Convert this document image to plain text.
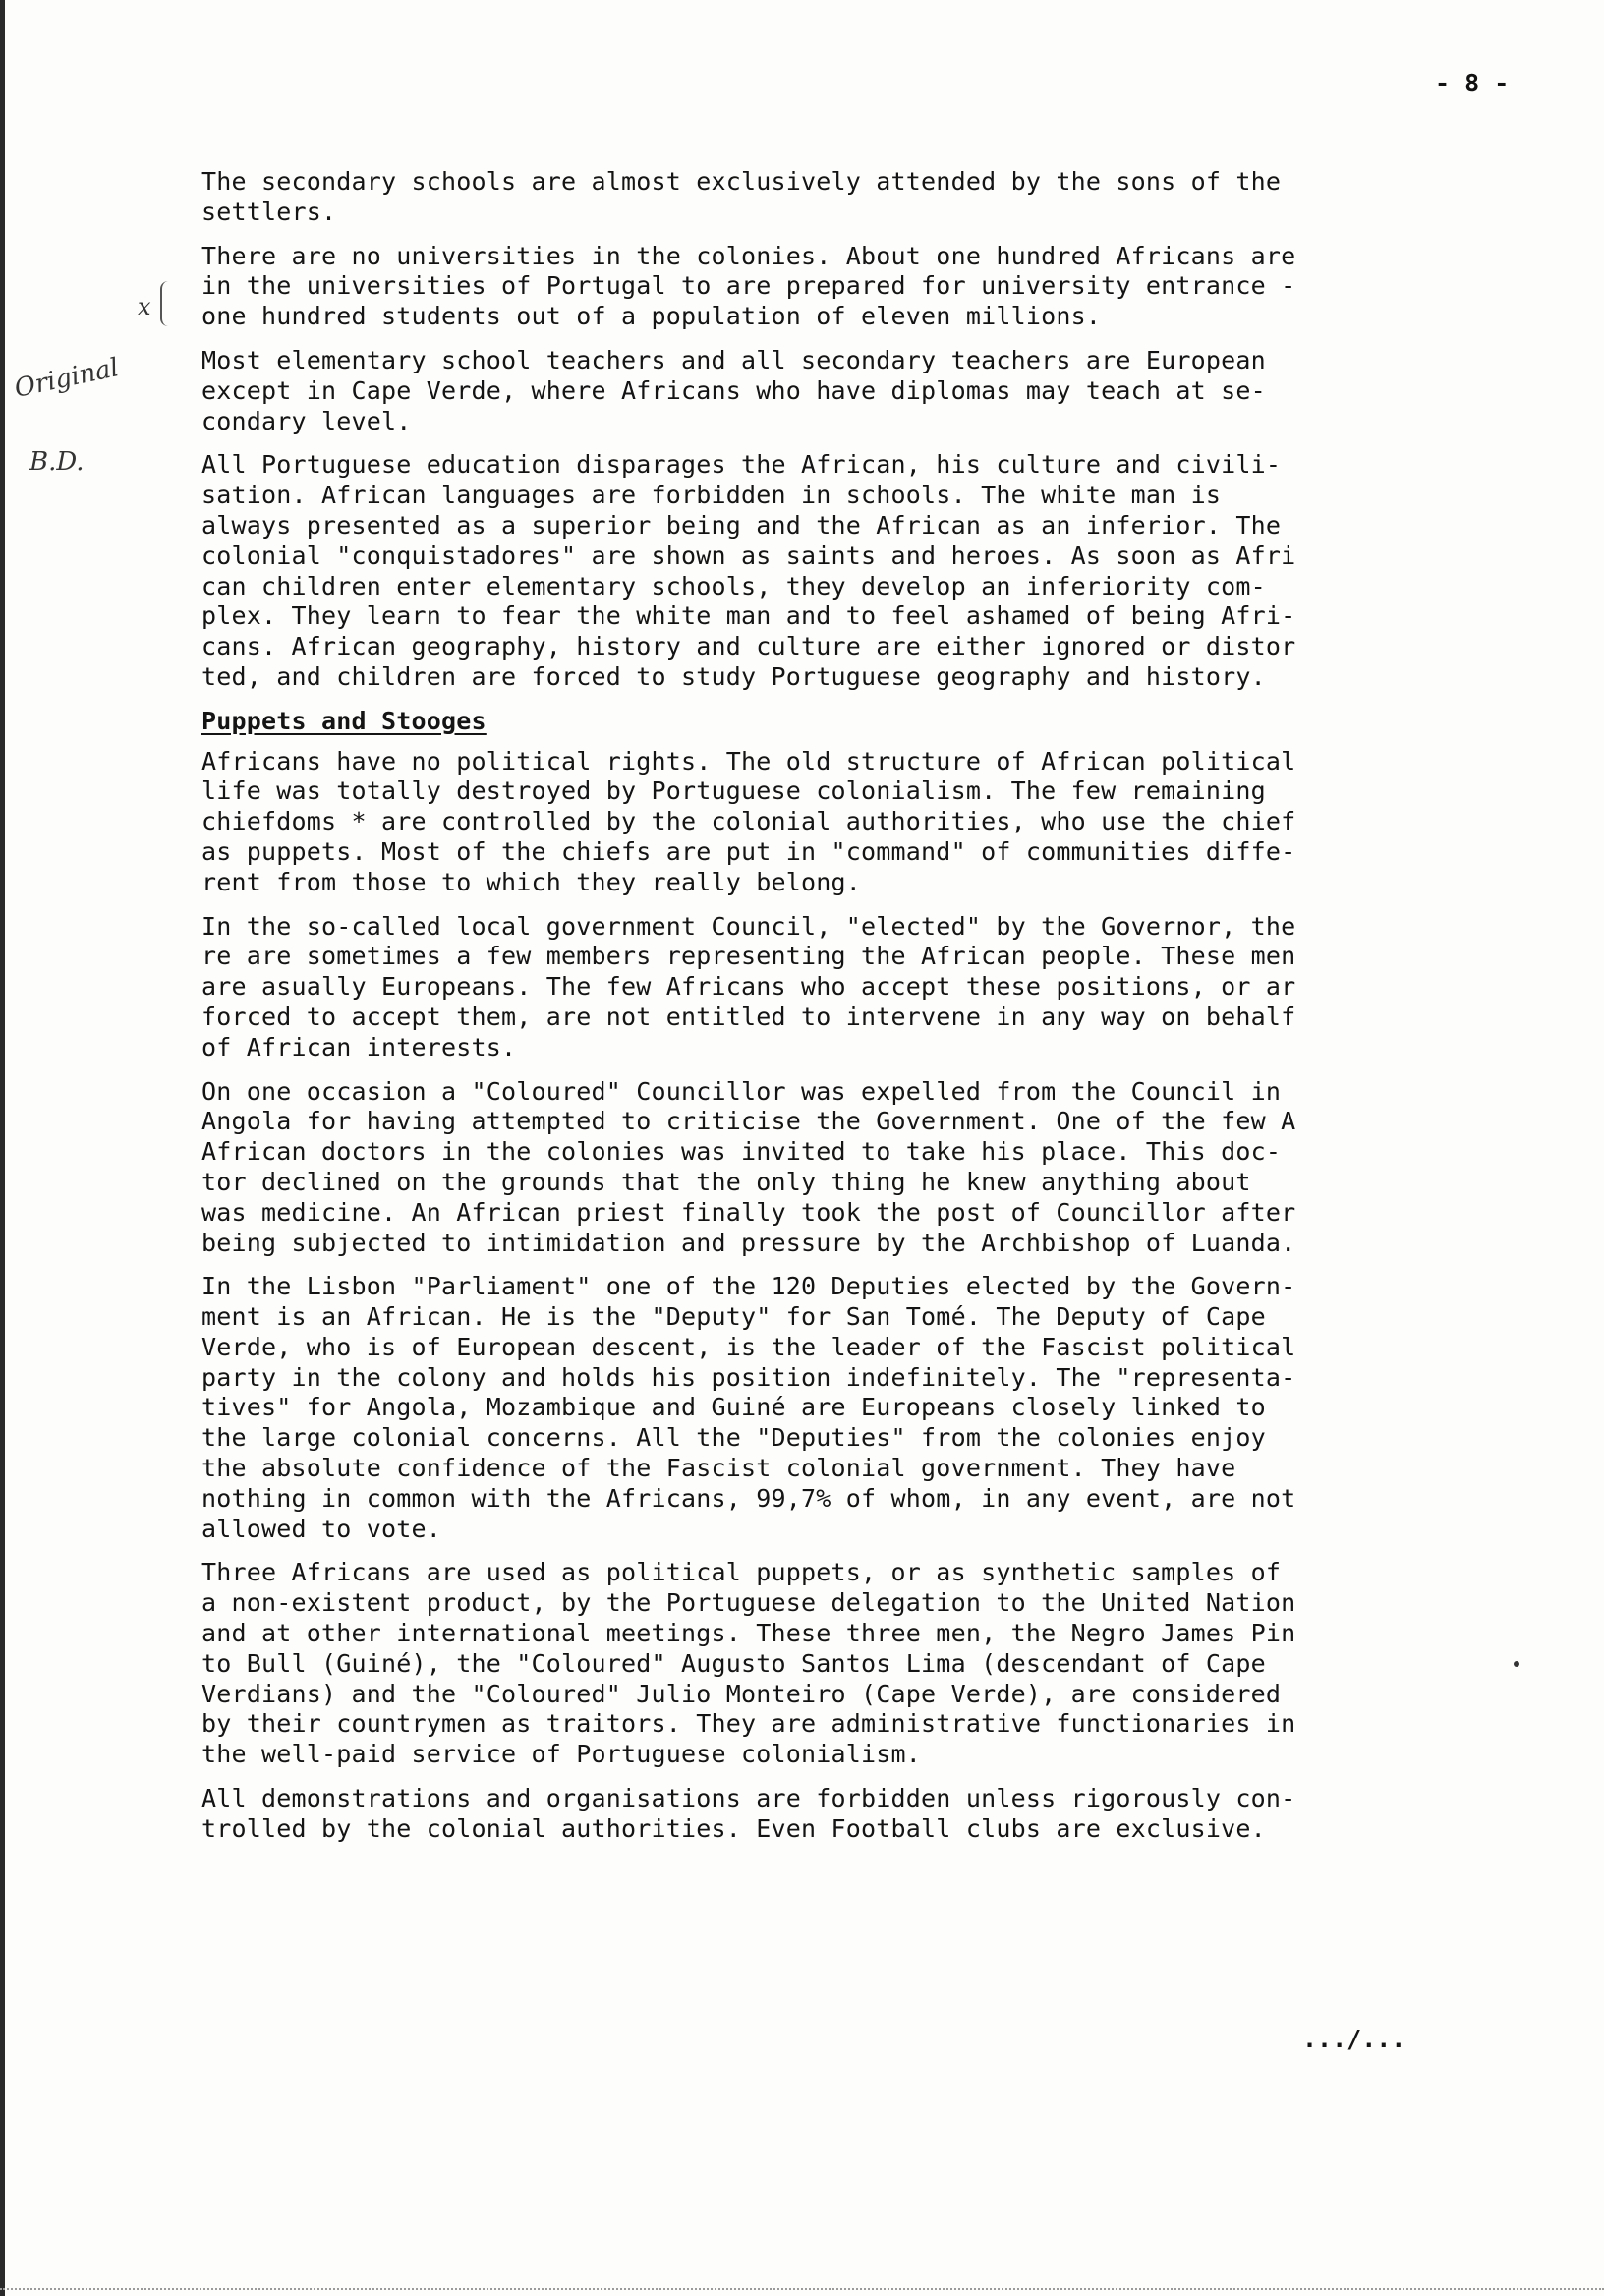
- 8 -
x
Original
B.D.
The secondary schools are almost exclusively attended by the sons of the
settlers.
There are no universities in the colonies. About one hundred Africans are
in the universities of Portugal to are prepared for university entrance -
one hundred students out of a population of eleven millions.
Most elementary school teachers and all secondary teachers are European
except in Cape Verde, where Africans who have diplomas may teach at se-
condary level.
All Portuguese education disparages the African, his culture and civili-
sation. African languages are forbidden in schools. The white man is
always presented as a superior being and the African as an inferior. The
colonial "conquistadores" are shown as saints and heroes. As soon as Afri
can children enter elementary schools, they develop an inferiority com-
plex. They learn to fear the white man and to feel ashamed of being Afri-
cans. African geography, history and culture are either ignored or distor
ted, and children are forced to study Portuguese geography and history.
Puppets and Stooges
Africans have no political rights. The old structure of African political
life was totally destroyed by Portuguese colonialism. The few remaining
chiefdoms * are controlled by the colonial authorities, who use the chief
as puppets. Most of the chiefs are put in "command" of communities diffe-
rent from those to which they really belong.
In the so-called local government Council, "elected" by the Governor, the
re are sometimes a few members representing the African people. These men
are asually Europeans. The few Africans who accept these positions, or ar
forced to accept them, are not entitled to intervene in any way on behalf
of African interests.
On one occasion a "Coloured" Councillor was expelled from the Council in
Angola for having attempted to criticise the Government. One of the few A
African doctors in the colonies was invited to take his place. This doc-
tor declined on the grounds that the only thing he knew anything about
was medicine. An African priest finally took the post of Councillor after
being subjected to intimidation and pressure by the Archbishop of Luanda.
In the Lisbon "Parliament" one of the 120 Deputies elected by the Govern-
ment is an African. He is the "Deputy" for San Tomé. The Deputy of Cape
Verde, who is of European descent, is the leader of the Fascist political
party in the colony and holds his position indefinitely. The "representa-
tives" for Angola, Mozambique and Guiné are Europeans closely linked to
the large colonial concerns. All the "Deputies" from the colonies enjoy
the absolute confidence of the Fascist colonial government. They have
nothing in common with the Africans, 99,7% of whom, in any event, are not
allowed to vote.
Three Africans are used as political puppets, or as synthetic samples of
a non-existent product, by the Portuguese delegation to the United Nation
and at other international meetings. These three men, the Negro James Pin
to Bull (Guiné), the "Coloured" Augusto Santos Lima (descendant of Cape
Verdians) and the "Coloured" Julio Monteiro (Cape Verde), are considered
by their countrymen as traitors. They are administrative functionaries in
the well-paid service of Portuguese colonialism.
All demonstrations and organisations are forbidden unless rigorously con-
trolled by the colonial authorities. Even Football clubs are exclusive.
.../...
